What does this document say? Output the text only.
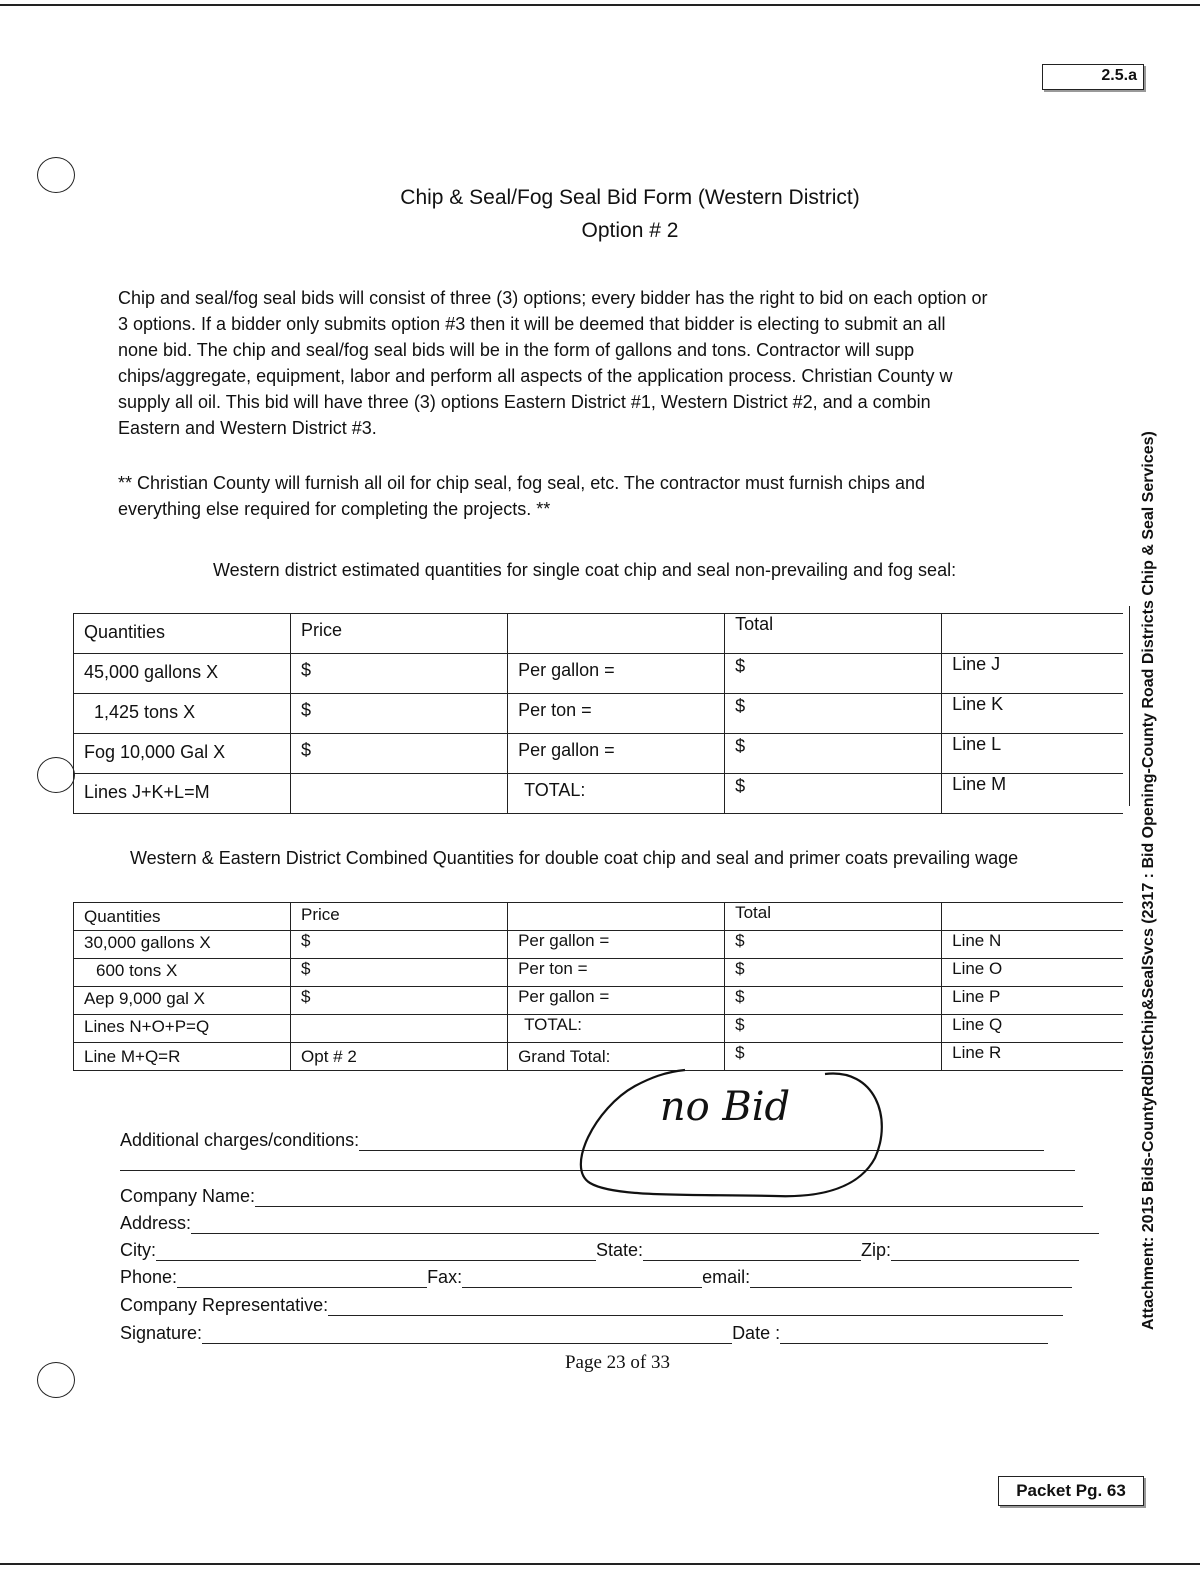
2.5.a
Chip & Seal/Fog Seal Bid Form (Western District)
Option # 2
Chip and seal/fog seal bids will consist of three (3) options; every bidder has the right to bid on each option or
3 options. If a bidder only submits option #3 then it will be deemed that bidder is electing to submit an all
none bid. The chip and seal/fog seal bids will be in the form of gallons and tons. Contractor will supp
chips/aggregate, equipment, labor and perform all aspects of the application process. Christian County w
supply all oil. This bid will have three (3) options Eastern District #1, Western District #2, and a combin
Eastern and Western District #3.
** Christian County will furnish all oil for chip seal, fog seal, etc. The contractor must furnish chips and
everything else required for completing the projects. **
Western district estimated quantities for single coat chip and seal non-prevailing and fog seal:
Quantities	Price		Total	
45,000 gallons X	$	Per gallon =	$	Line J
1,425 tons X	$	Per ton =	$	Line K
Fog 10,000 Gal X	$	Per gallon =	$	Line L
Lines J+K+L=M		TOTAL:	$	Line M
Western & Eastern District Combined Quantities for double coat chip and seal and primer coats prevailing wage
Quantities	Price		Total	
30,000 gallons X	$	Per gallon =	$	Line N
600 tons X	$	Per ton =	$	Line O
Aep 9,000 gal X	$	Per gallon =	$	Line P
Lines N+O+P=Q		TOTAL:	$	Line Q
Line M+Q=R	Opt # 2	Grand Total:	$	Line R
Additional charges/conditions:
Company Name:
Address:
City:	State:	Zip:
Phone:	Fax:	email:
Company Representative:
Signature:	Date :
no Bid
Page 23 of 33
Packet Pg. 63
Attachment: 2015 Bids-CountyRdDistChip&SealSvcs (2317 : Bid Opening-County Road Districts Chip & Seal Services)
